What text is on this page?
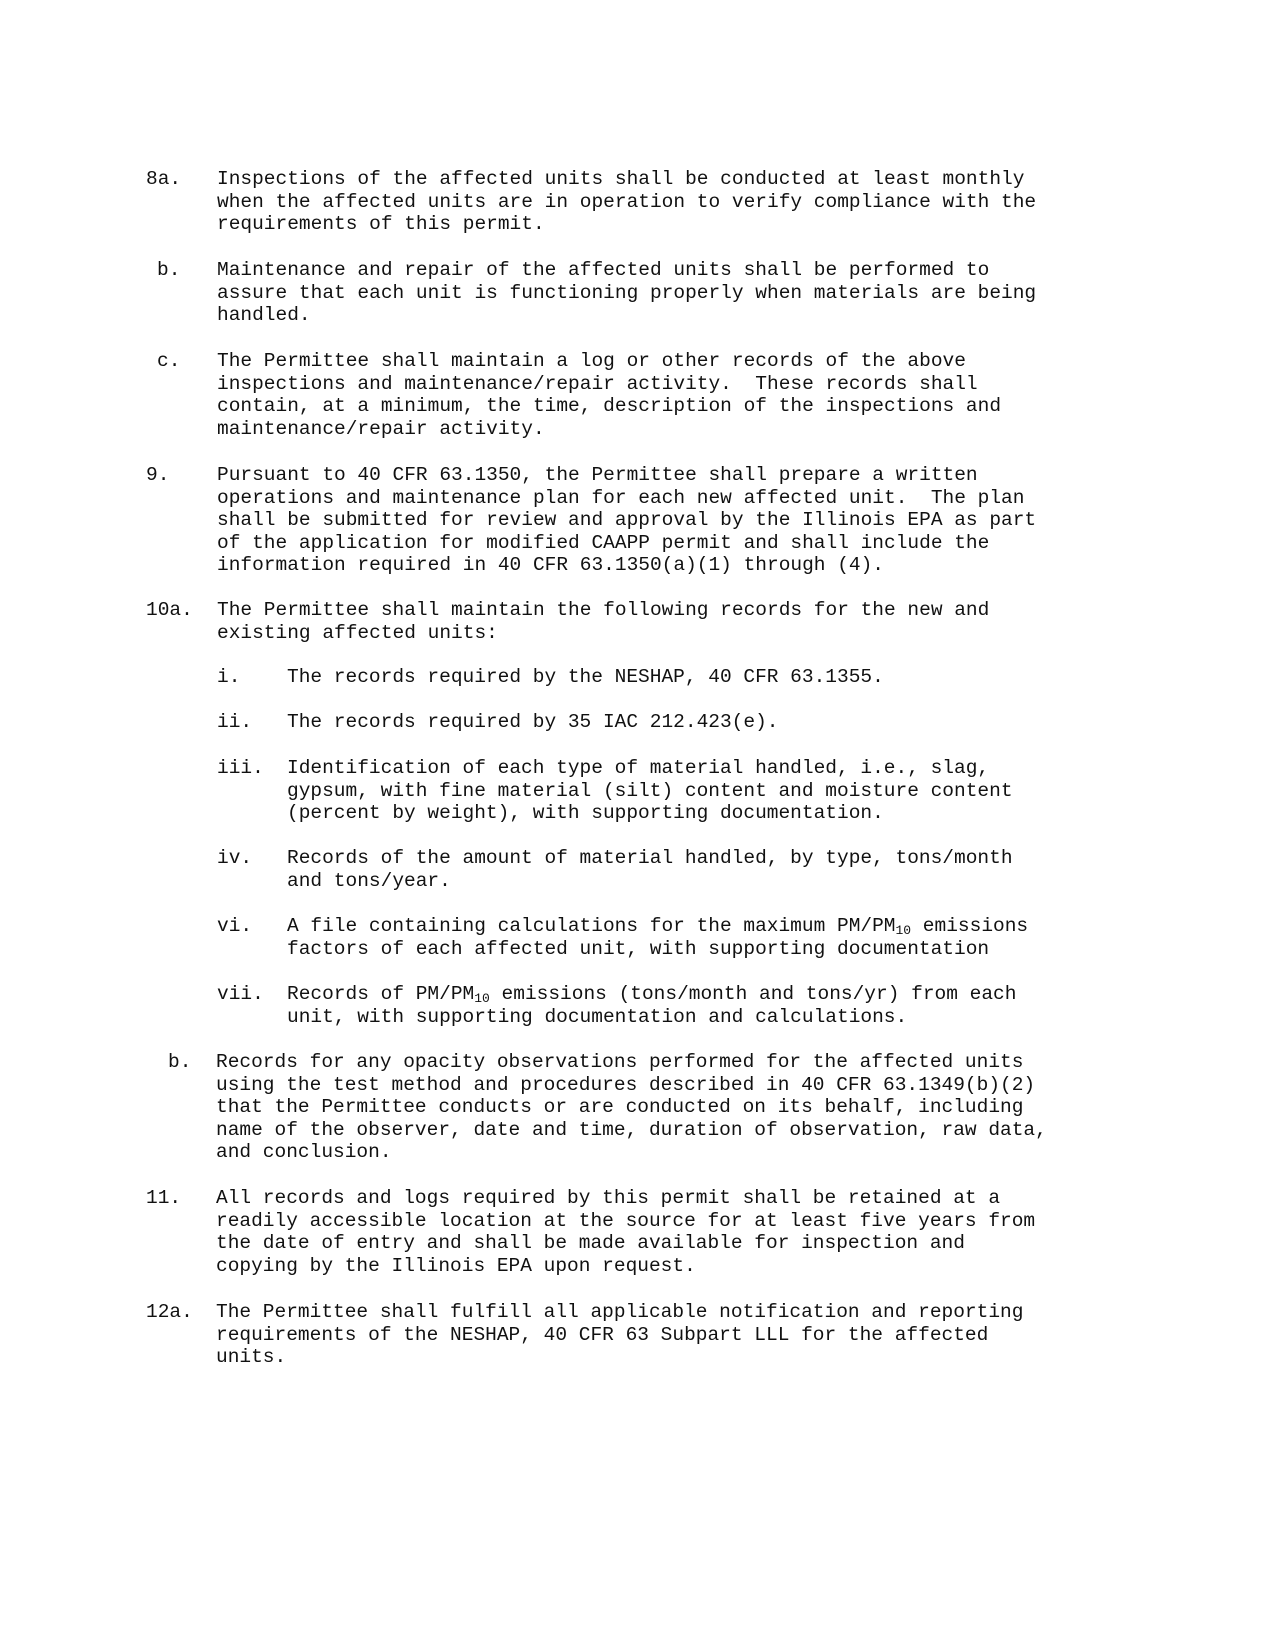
8a. Inspections of the affected units shall be conducted at least monthly
when the affected units are in operation to verify compliance with the
requirements of this permit.
b. Maintenance and repair of the affected units shall be performed to
assure that each unit is functioning properly when materials are being
handled.
c. The Permittee shall maintain a log or other records of the above
inspections and maintenance/repair activity.  These records shall
contain, at a minimum, the time, description of the inspections and
maintenance/repair activity.
9. Pursuant to 40 CFR 63.1350, the Permittee shall prepare a written
operations and maintenance plan for each new affected unit.  The plan
shall be submitted for review and approval by the Illinois EPA as part
of the application for modified CAAPP permit and shall include the
information required in 40 CFR 63.1350(a)(1) through (4).
10a. The Permittee shall maintain the following records for the new and
existing affected units:
i. The records required by the NESHAP, 40 CFR 63.1355.
ii. The records required by 35 IAC 212.423(e).
iii. Identification of each type of material handled, i.e., slag,
gypsum, with fine material (silt) content and moisture content
(percent by weight), with supporting documentation.
iv. Records of the amount of material handled, by type, tons/month
and tons/year.
vi. A file containing calculations for the maximum $PM/PM_{10}$ emissions
factors of each affected unit, with supporting documentation
vii. Records of $PM/PM_{10}$ emissions (tons/month and tons/yr) from each
unit, with supporting documentation and calculations.
b. Records for any opacity observations performed for the affected units
using the test method and procedures described in 40 CFR 63.1349(b)(2)
that the Permittee conducts or are conducted on its behalf, including
name of the observer, date and time, duration of observation, raw data,
and conclusion.
11. All records and logs required by this permit shall be retained at a
readily accessible location at the source for at least five years from
the date of entry and shall be made available for inspection and
copying by the Illinois EPA upon request.
12a. The Permittee shall fulfill all applicable notification and reporting
requirements of the NESHAP, 40 CFR 63 Subpart LLL for the affected
units.
